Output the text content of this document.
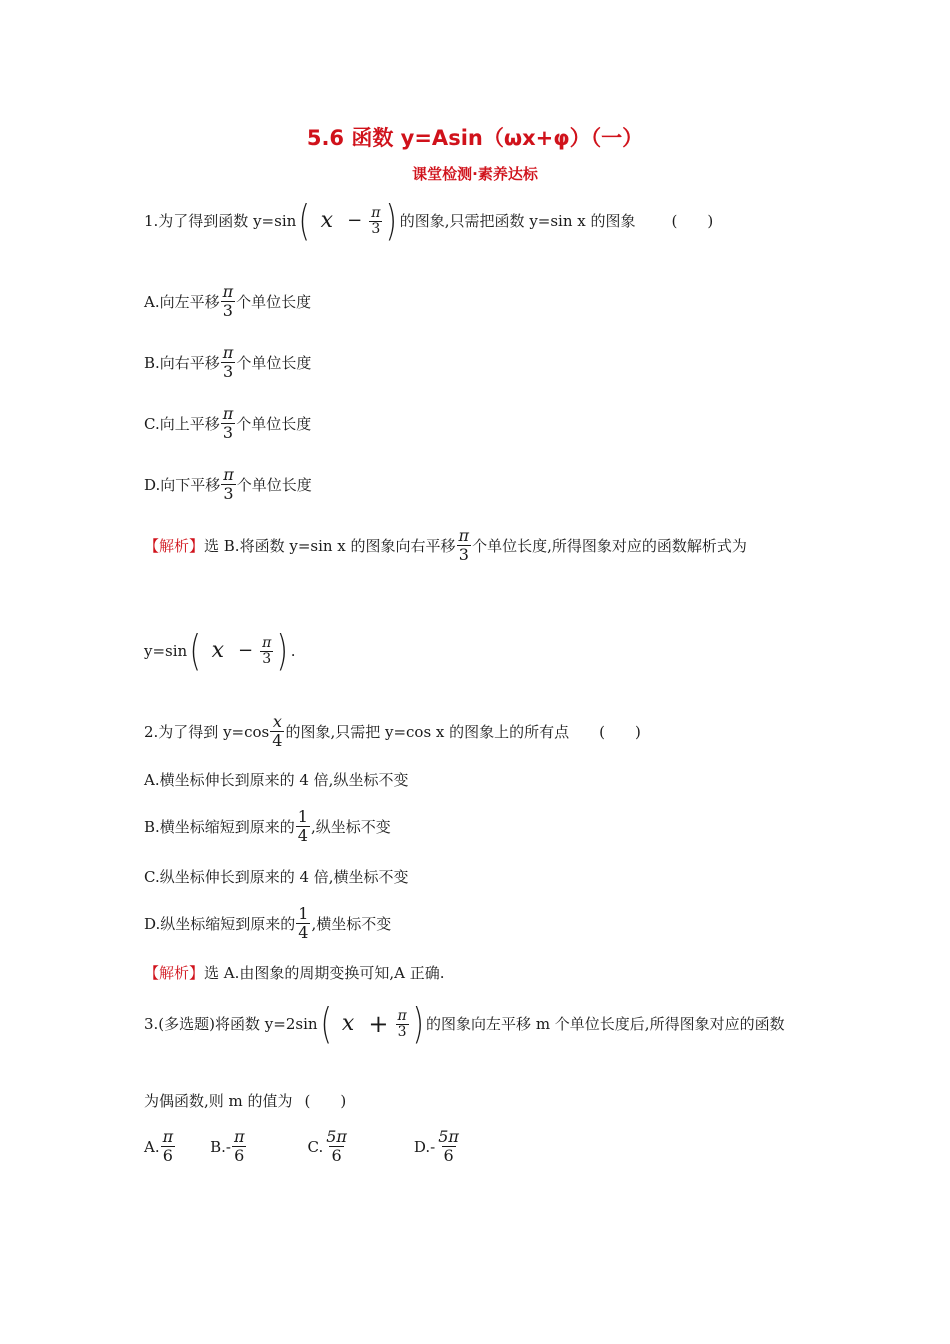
5.6 函数 y=Asin（ωx+φ）（一）
课堂检测·素养达标
1.为了得到函数 y=sin ( 𝑥 − $\frac{\pi}{3}$ ) 的图象,只需把函数 y=sin x 的图象 (　　)
A.向左平移 $\frac{\pi}{3}$ 个单位长度
B.向右平移 $\frac{\pi}{3}$ 个单位长度
C.向上平移 $\frac{\pi}{3}$ 个单位长度
D.向下平移 $\frac{\pi}{3}$ 个单位长度
【解析】 选 B.将函数 y=sin x 的图象向右平移 $\frac{\pi}{3}$ 个单位长度,所得图象对应的函数解析式为
y=sin ( 𝑥 − $\frac{\pi}{3}$ ) .
2.为了得到 $y=\cos \frac{x}{4}$ 的图象,只需把 y=cos x 的图象上的所有点 (　　)
A.横坐标伸长到原来的 4 倍,纵坐标不变
B.横坐标缩短到原来的 $\frac{1}{4}$ ,纵坐标不变
C.纵坐标伸长到原来的 4 倍,横坐标不变
D.纵坐标缩短到原来的 $\frac{1}{4}$ ,横坐标不变
【解析】 选 A.由图象的周期变换可知,A 正确.
3.(多选题)将函数 y=2sin ( 𝑥 + $\frac{\pi}{3}$ ) 的图象向左平移 m 个单位长度后,所得图象对应的函数
为偶函数,则 m 的值为 (　　)
A. $\frac{\pi}{6} B.- \frac{\pi}{6}$	C. $\frac{5\pi}{6}$	$D.- \frac{5\pi}{6}$
